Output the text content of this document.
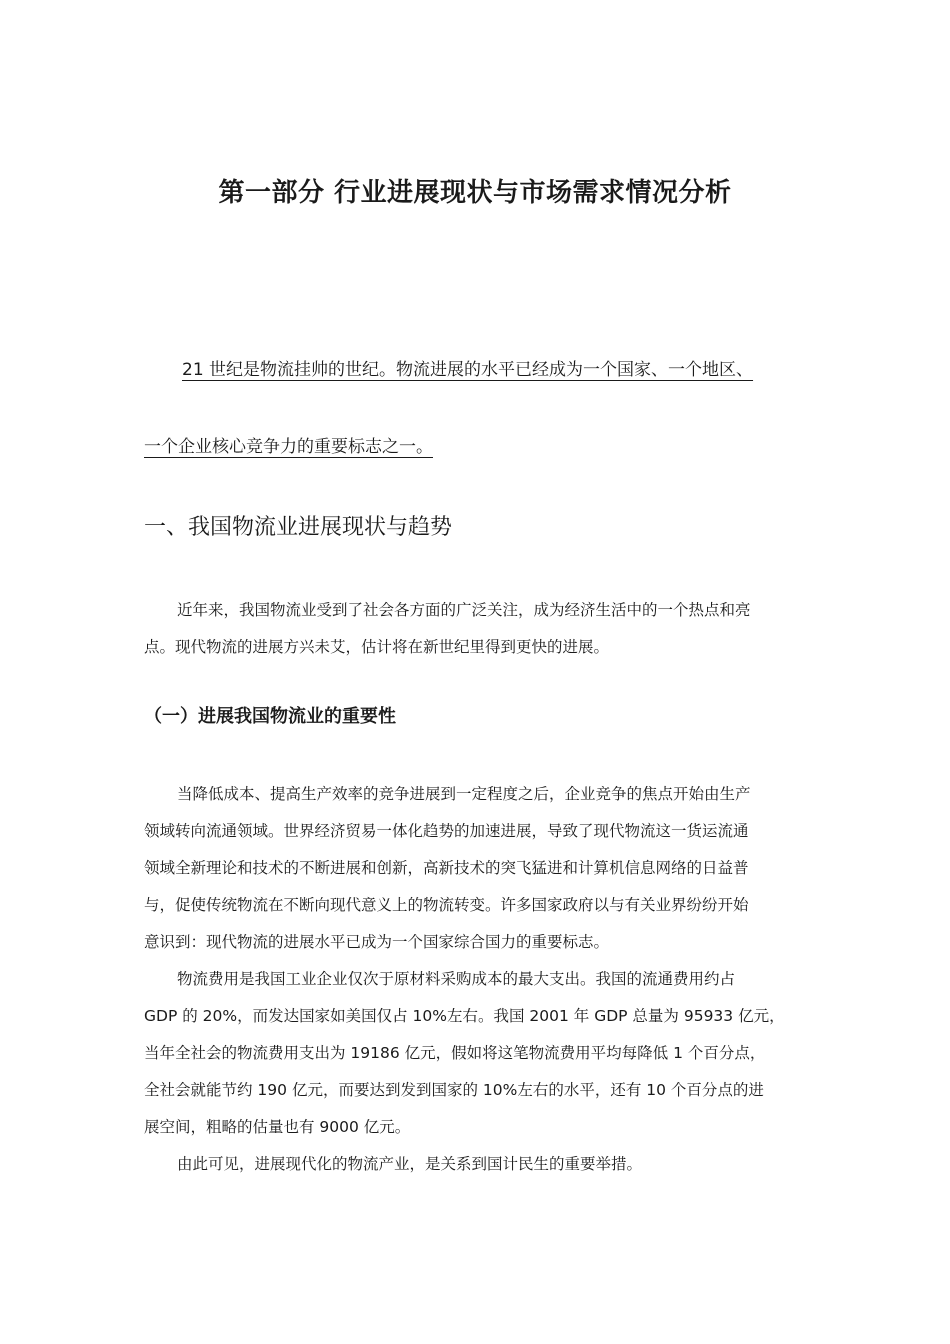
第一部分 行业进展现状与市场需求情况分析

21 世纪是物流挂帅的世纪。物流进展的水平已经成为一个国家、一个地区、

一个企业核心竞争力的重要标志之一。

一、我国物流业进展现状与趋势

近年来，我国物流业受到了社会各方面的广泛关注，成为经济生活中的一个热点和亮
点。现代物流的进展方兴未艾，估计将在新世纪里得到更快的进展。

（一）进展我国物流业的重要性

当降低成本、提高生产效率的竞争进展到一定程度之后，企业竞争的焦点开始由生产
领域转向流通领域。世界经济贸易一体化趋势的加速进展，导致了现代物流这一货运流通
领域全新理论和技术的不断进展和创新，高新技术的突飞猛进和计算机信息网络的日益普
与，促使传统物流在不断向现代意义上的物流转变。许多国家政府以与有关业界纷纷开始
意识到：现代物流的进展水平已成为一个国家综合国力的重要标志。

物流费用是我国工业企业仅次于原材料采购成本的最大支出。我国的流通费用约占
GDP 的 20%，而发达国家如美国仅占 10%左右。我国 2001 年 GDP 总量为 95933 亿元，
当年全社会的物流费用支出为 19186 亿元，假如将这笔物流费用平均每降低 1 个百分点，
全社会就能节约 190 亿元，而要达到发到国家的 10%左右的水平，还有 10 个百分点的进
展空间，粗略的估量也有 9000 亿元。

由此可见，进展现代化的物流产业，是关系到国计民生的重要举措。
